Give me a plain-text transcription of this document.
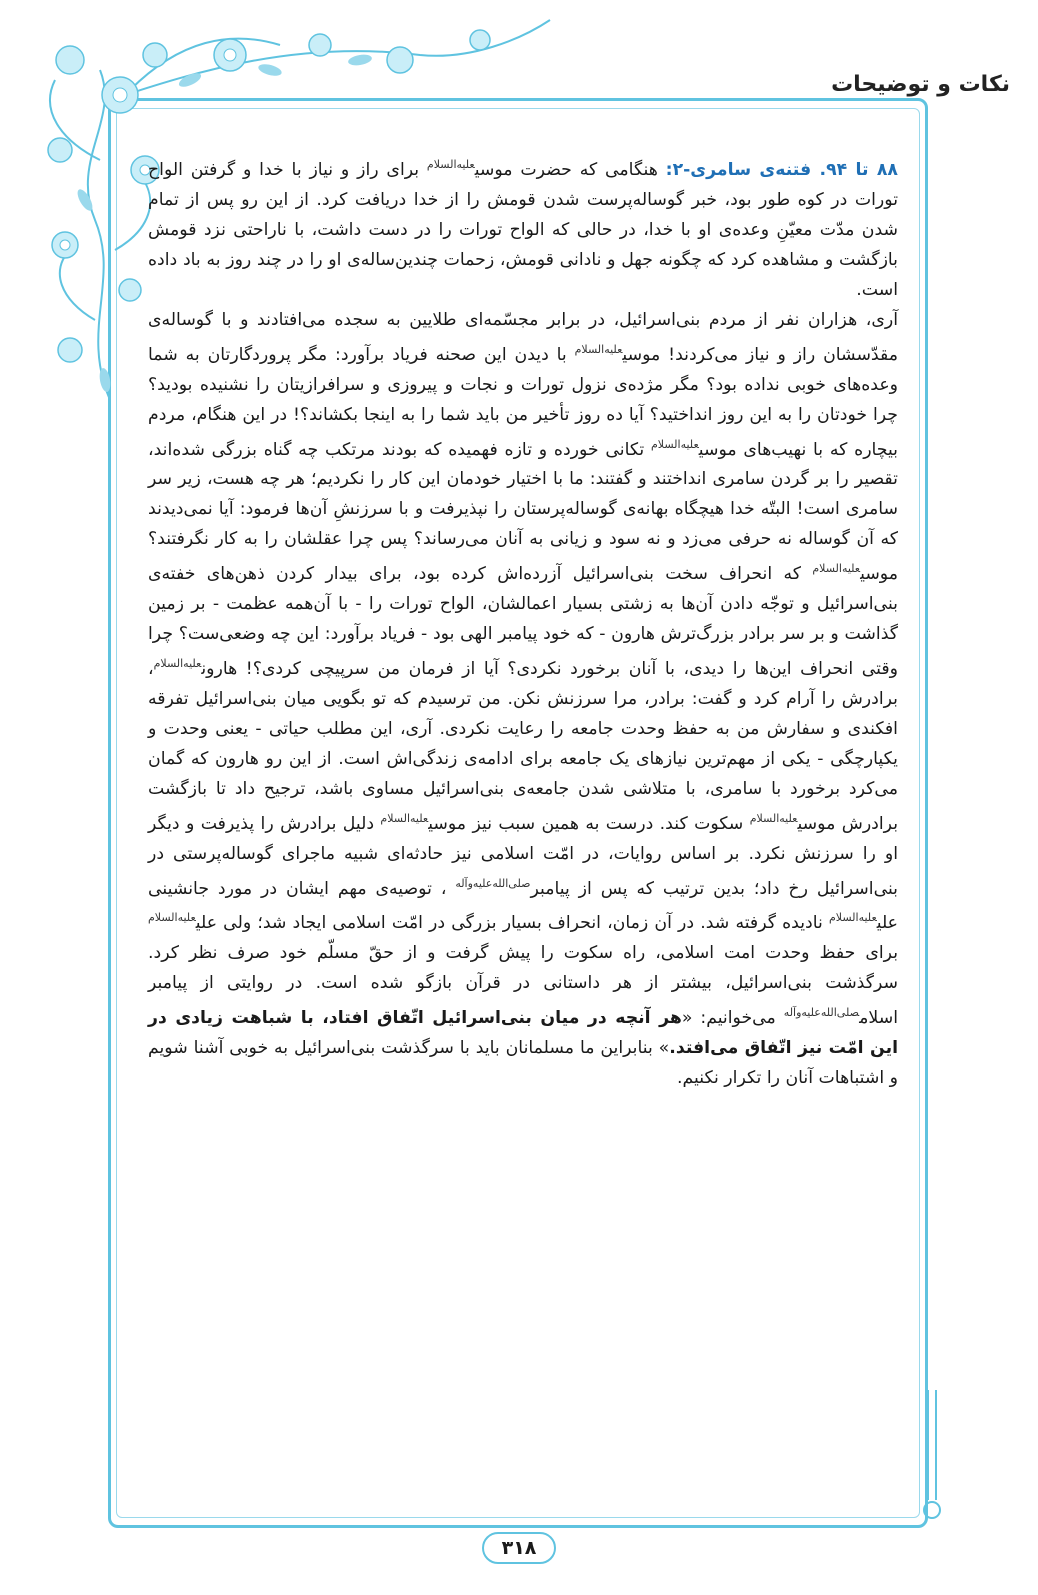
نکات و توضیحات

۸۸ تا ۹۴. فتنه‌ی سامری-۲: هنگامی که حضرت موسی$^{علیه‌السلام}$ برای راز و نیاز با خدا و گرفتن الواح تورات در کوه طور بود، خبر گوساله‌پرست شدن قومش را از خدا دریافت کرد. از این رو پس از تمام شدن مدّت معیّنِ وعده‌ی او با خدا، در حالی که الواح تورات را در دست داشت، با ناراحتی نزد قومش بازگشت و مشاهده کرد که چگونه جهل و نادانی قومش، زحمات چندین‌ساله‌ی او را در چند روز به باد داده است.

آری، هزاران نفر از مردم بنی‌اسرائیل، در برابر مجسّمه‌ای طلایین به سجده می‌افتادند و با گوساله‌ی مقدّسشان راز و نیاز می‌کردند! موسی$^{علیه‌السلام}$ با دیدن این صحنه فریاد برآورد: مگر پروردگارتان به شما وعده‌های خوبی نداده بود؟ مگر مژده‌ی نزول تورات و نجات و پیروزی و سرافرازیتان را نشنیده بودید؟ چرا خودتان را به این روز انداختید؟ آیا ده روز تأخیر من باید شما را به اینجا بکشاند؟! در این هنگام، مردم بیچاره که با نهیب‌های موسی$^{علیه‌السلام}$ تکانی خورده و تازه فهمیده که بودند مرتکب چه گناه بزرگی شده‌اند، تقصیر را بر گردن سامری انداختند و گفتند: ما با اختیار خودمان این کار را نکردیم؛ هر چه هست، زیر سر سامری است! البتّه خدا هیچگاه بهانه‌ی گوساله‌پرستان را نپذیرفت و با سرزنشِ آن‌ها فرمود: آیا نمی‌دیدند که آن گوساله نه حرفی می‌زد و نه سود و زیانی به آنان می‌رساند؟ پس چرا عقلشان را به کار نگرفتند؟ موسی$^{علیه‌السلام}$ که انحراف سخت بنی‌اسرائیل آزرده‌اش کرده بود، برای بیدار کردن ذهن‌های خفته‌ی بنی‌اسرائیل و توجّه دادن آن‌ها به زشتی بسیار اعمالشان، الواح تورات را - با آن‌همه عظمت - بر زمین گذاشت و بر سر برادر بزرگ‌ترش هارون - که خود پیامبر الهی بود - فریاد برآورد: این چه وضعی‌ست؟ چرا وقتی انحراف این‌ها را دیدی، با آنان برخورد نکردی؟ آیا از فرمان من سرپیچی کردی؟! هارون$^{علیه‌السلام}$، برادرش را آرام کرد و گفت: برادر، مرا سرزنش نکن. من ترسیدم که تو بگویی میان بنی‌اسرائیل تفرقه افکندی و سفارش من به حفظ وحدت جامعه را رعایت نکردی. آری، این مطلب حیاتی - یعنی وحدت و یکپارچگی - یکی از مهم‌ترین نیازهای یک جامعه برای ادامه‌ی زندگی‌اش است. از این رو هارون که گمان می‌کرد برخورد با سامری، با متلاشی شدن جامعه‌ی بنی‌اسرائیل مساوی باشد، ترجیح داد تا بازگشت برادرش موسی$^{علیه‌السلام}$ سکوت کند. درست به همین سبب نیز موسی$^{علیه‌السلام}$ دلیل برادرش را پذیرفت و دیگر او را سرزنش نکرد. بر اساس روایات، در امّت اسلامی نیز حادثه‌ای شبیه ماجرای گوساله‌پرستی در بنی‌اسرائیل رخ داد؛ بدین ترتیب که پس از پیامبر$^{صلی‌الله‌علیه‌وآله}$ ، توصیه‌ی مهم ایشان در مورد جانشینی علی$^{علیه‌السلام}$ نادیده گرفته شد. در آن زمان، انحراف بسیار بزرگی در امّت اسلامی ایجاد شد؛ ولی علی$^{علیه‌السلام}$ برای حفظ وحدت امت اسلامی، راه سکوت را پیش گرفت و از حقّ مسلّم خود صرف نظر کرد. سرگذشت بنی‌اسرائیل، بیشتر از هر داستانی در قرآن بازگو شده است. در روایتی از پیامبر اسلام$^{صلی‌الله‌علیه‌وآله}$ می‌خوانیم: «هر آنچه در میان بنی‌اسرائیل اتّفاق افتاد، با شباهت زیادی در این امّت نیز اتّفاق می‌افتد.» بنابراین ما مسلمانان باید با سرگذشت بنی‌اسرائیل به خوبی آشنا شویم و اشتباهات آنان را تکرار نکنیم.

۳۱۸
